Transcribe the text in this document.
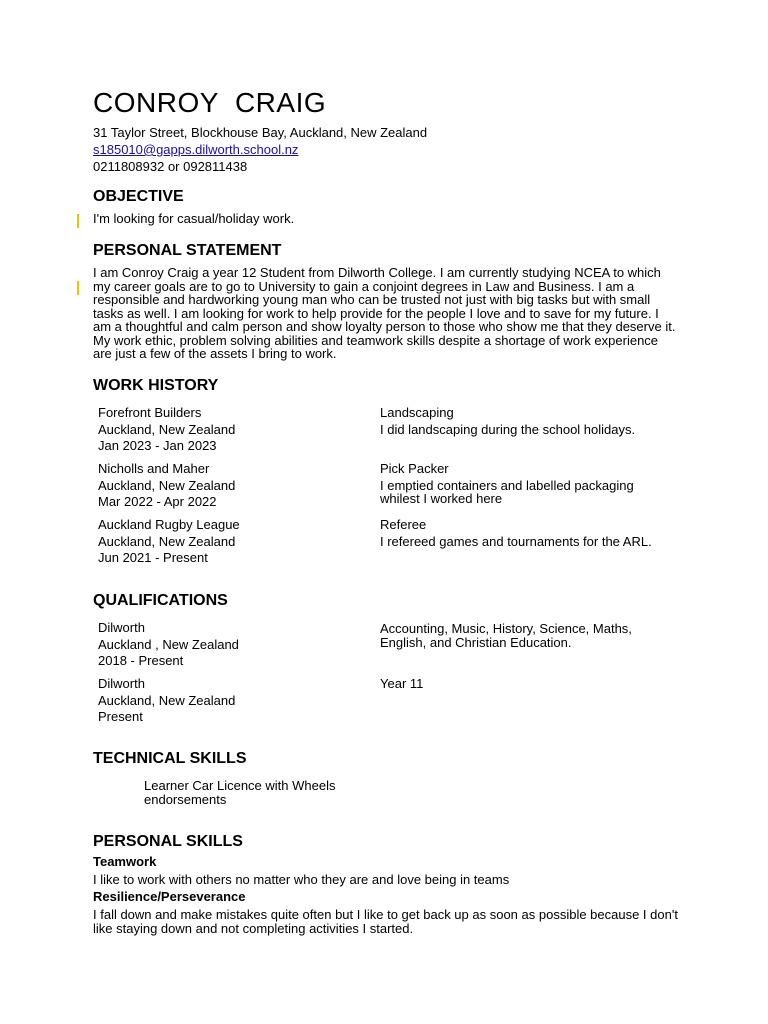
CONROY  CRAIG
31 Taylor Street, Blockhouse Bay, Auckland, New Zealand
s185010@gapps.dilworth.school.nz
0211808932 or 092811438
OBJECTIVE
I'm looking for casual/holiday work.
PERSONAL STATEMENT
I am Conroy Craig a year 12 Student from Dilworth College. I am currently studying NCEA to which
my career goals are to go to University to gain a conjoint degrees in Law and Business. I am a
responsible and hardworking young man who can be trusted not just with big tasks but with small
tasks as well. I am looking for work to help provide for the people I love and to save for my future. I
am a thoughtful and calm person and show loyalty person to those who show me that they deserve it.
My work ethic, problem solving abilities and teamwork skills despite a shortage of work experience
are just a few of the assets I bring to work.
WORK HISTORY
Forefront Builders
Auckland, New Zealand
Jan 2023 - Jan 2023
Landscaping
I did landscaping during the school holidays.
Nicholls and Maher
Auckland, New Zealand
Mar 2022 - Apr 2022
Pick Packer
I emptied containers and labelled packaging whilest I worked here
Auckland Rugby League
Auckland, New Zealand
Jun 2021 - Present
Referee
I refereed games and tournaments for the ARL.
QUALIFICATIONS
Dilworth
Auckland , New Zealand
2018 - Present
Accounting, Music, History, Science, Maths, English, and Christian Education.
Dilworth
Auckland, New Zealand
Present
Year 11
TECHNICAL SKILLS
Learner Car Licence with Wheels endorsements
PERSONAL SKILLS
Teamwork
I like to work with others no matter who they are and love being in teams
Resilience/Perseverance
I fall down and make mistakes quite often but I like to get back up as soon as possible because I don't like staying down and not completing activities I started.
